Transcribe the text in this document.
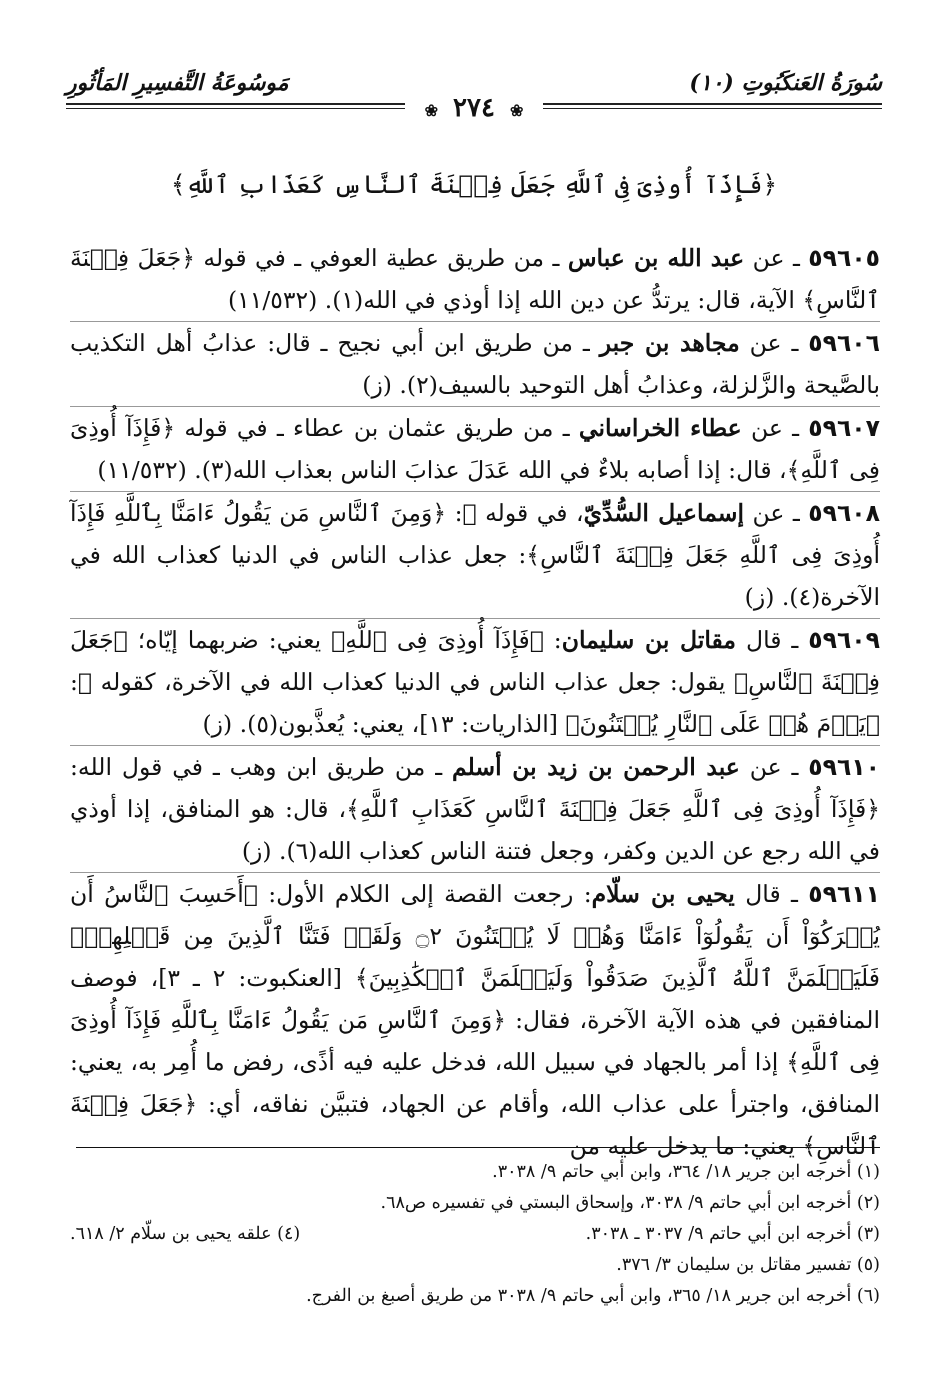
سُورَةُ العَنكَبُوتِ (١٠)
مَوسُوعَةُ التَّفسِيرِ المَأثُورِ
❀ ٢٧٤ ❀
﴿فَإِذَآ أُوذِىَ فِى ٱللَّهِ جَعَلَ فِتۡنَةَ ٱلنَّاسِ كَعَذَابِ ٱللَّهِ﴾

٥٩٦٠٥ ـ عن عبد الله بن عباس ـ من طريق عطية العوفي ـ في قوله ﴿جَعَلَ فِتۡنَةَ ٱلنَّاسِ﴾ الآية، قال: يرتدُّ عن دين الله إذا أوذي في الله(١). (١١/٥٣٢)

٥٩٦٠٦ ـ عن مجاهد بن جبر ـ من طريق ابن أبي نجيح ـ قال: عذابُ أهل التكذيب بالصَّيحة والزَّلزلة، وعذابُ أهل التوحيد بالسيف(٢). (ز)

٥٩٦٠٧ ـ عن عطاء الخراساني ـ من طريق عثمان بن عطاء ـ في قوله ﴿فَإِذَآ أُوذِىَ فِى ٱللَّهِ﴾، قال: إذا أصابه بلاءٌ في الله عَدَلَ عذابَ الناس بعذاب الله(٣). (١١/٥٣٢)

٥٩٦٠٨ ـ عن إسماعيل السُّدِّيّ، في قوله ﷿: ﴿وَمِنَ ٱلنَّاسِ مَن يَقُولُ ءَامَنَّا بِٱللَّهِ فَإِذَآ أُوذِىَ فِى ٱللَّهِ جَعَلَ فِتۡنَةَ ٱلنَّاسِ﴾: جعل عذاب الناس في الدنيا كعذاب الله في الآخرة(٤). (ز)

٥٩٦٠٩ ـ قال مقاتل بن سليمان: ﴿فَإِذَآ أُوذِىَ فِى ٱللَّهِ﴾ يعني: ضربهما إيّاه؛ ﴿جَعَلَ فِتۡنَةَ ٱلنَّاسِ﴾ يقول: جعل عذاب الناس في الدنيا كعذاب الله في الآخرة، كقوله ﷿: ﴿يَوۡمَ هُمۡ عَلَى ٱلنَّارِ يُفۡتَنُونَ﴾ [الذاريات: ١٣]، يعني: يُعذَّبون(٥). (ز)

٥٩٦١٠ ـ عن عبد الرحمن بن زيد بن أسلم ـ من طريق ابن وهب ـ في قول الله: ﴿فَإِذَآ أُوذِىَ فِى ٱللَّهِ جَعَلَ فِتۡنَةَ ٱلنَّاسِ كَعَذَابِ ٱللَّهِ﴾، قال: هو المنافق، إذا أوذي في الله رجع عن الدين وكفر، وجعل فتنة الناس كعذاب الله(٦). (ز)

٥٩٦١١ ـ قال يحيى بن سلّام: رجعت القصة إلى الكلام الأول: ﴿أَحَسِبَ ٱلنَّاسُ أَن يُتۡرَكُوٓاْ أَن يَقُولُوٓاْ ءَامَنَّا وَهُمۡ لَا يُفۡتَنُونَ ۝٢ وَلَقَدۡ فَتَنَّا ٱلَّذِينَ مِن قَبۡلِهِمۡۖ فَلَيَعۡلَمَنَّ ٱللَّهُ ٱلَّذِينَ صَدَقُواْ وَلَيَعۡلَمَنَّ ٱلۡكَٰذِبِينَ﴾ [العنكبوت: ٢ ـ ٣]، فوصف المنافقين في هذه الآية الآخرة، فقال: ﴿وَمِنَ ٱلنَّاسِ مَن يَقُولُ ءَامَنَّا بِٱللَّهِ فَإِذَآ أُوذِىَ فِى ٱللَّهِ﴾ إذا أمر بالجهاد في سبيل الله، فدخل عليه فيه أذًى، رفض ما أُمِر به، يعني: المنافق، واجترأ على عذاب الله، وأقام عن الجهاد، فتبيَّن نفاقه، أي: ﴿جَعَلَ فِتۡنَةَ ٱلنَّاسِ﴾ يعني: ما يدخل عليه من

(١) أخرجه ابن جرير ١٨/ ٣٦٤، وابن أبي حاتم ٩/ ٣٠٣٨.

(٢) أخرجه ابن أبي حاتم ٩/ ٣٠٣٨، وإسحاق البستي في تفسيره ص٦٨.

(٣) أخرجه ابن أبي حاتم ٩/ ٣٠٣٧ ـ ٣٠٣٨.
(٤) علقه يحيى بن سلّام ٢/ ٦١٨.

(٥) تفسير مقاتل بن سليمان ٣/ ٣٧٦.

(٦) أخرجه ابن جرير ١٨/ ٣٦٥، وابن أبي حاتم ٩/ ٣٠٣٨ من طريق أصبغ بن الفرج.
